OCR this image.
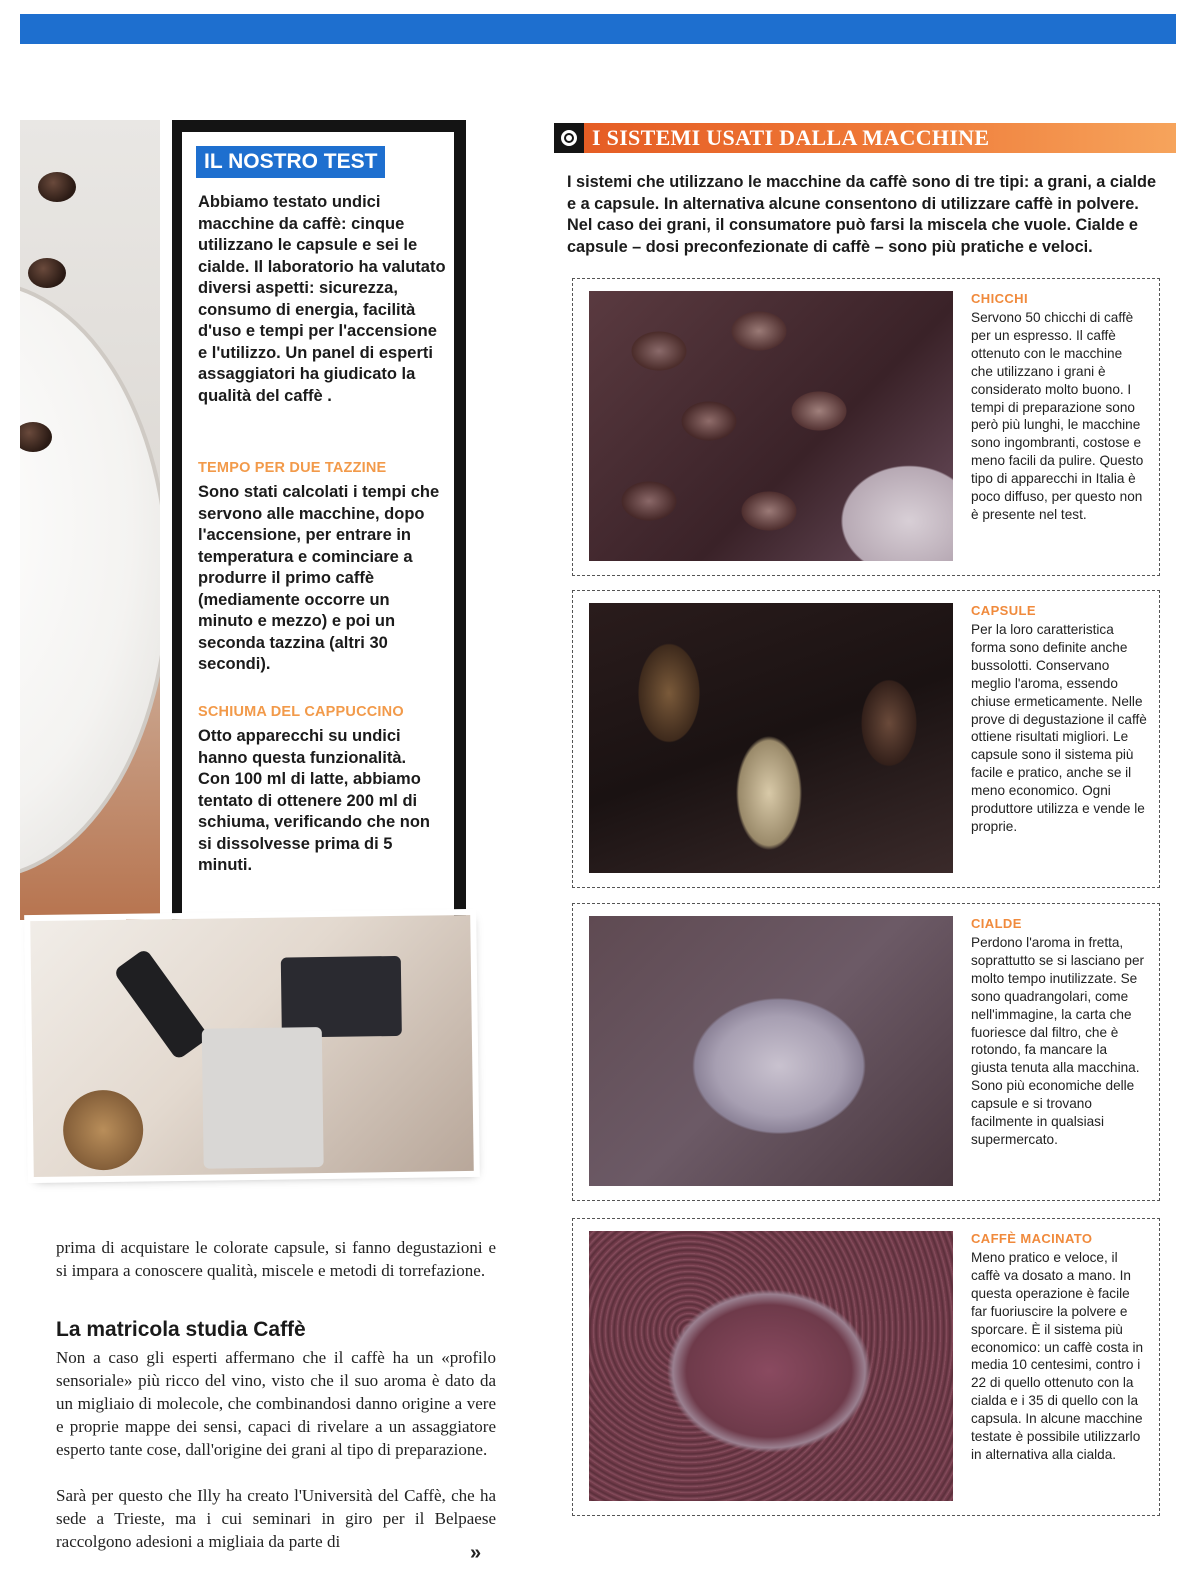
IL NOSTRO TEST
Abbiamo testato undici macchine da caffè: cinque utilizzano le capsule e sei le cialde. Il laboratorio ha valutato diversi aspetti: sicurezza, consumo di energia, facilità d'uso e tempi per l'accensione e l'utilizzo. Un panel di esperti assaggiatori ha giudicato la qualità del caffè .
TEMPO PER DUE TAZZINE
Sono stati calcolati i tempi che servono alle macchine, dopo l'accensione, per entrare in temperatura e cominciare a produrre il primo caffè (mediamente occorre un minuto e mezzo) e poi un seconda tazzina (altri 30 secondi).
SCHIUMA DEL CAPPUCCINO
Otto apparecchi su undici hanno questa funzionalità. Con 100 ml di latte, abbiamo tentato di ottenere 200 ml di schiuma, verificando che non si dissolvesse prima di 5 minuti.
prima di acquistare le colorate capsule, si fanno degustazioni e si impara a conoscere qualità, miscele e metodi di torrefazione.
La matricola studia Caffè
Non a caso gli esperti affermano che il caffè ha un «profilo sensoriale» più ricco del vino, visto che il suo aroma è dato da un migliaio di molecole, che combinandosi danno origine a vere e proprie mappe dei sensi, capaci di rivelare a un assaggiatore esperto tante cose, dall'origine dei grani al tipo di preparazione.
Sarà per questo che Illy ha creato l'Università del Caffè, che ha sede a Trieste, ma i cui seminari in giro per il Belpaese raccolgono adesioni a migliaia da parte di
»
I SISTEMI USATI DALLA MACCHINE
I sistemi che utilizzano le macchine da caffè sono di tre tipi: a grani, a cialde e a capsule. In alternativa alcune consentono di utilizzare caffè in polvere. Nel caso dei grani, il consumatore può farsi la miscela che vuole. Cialde e capsule – dosi preconfezionate di caffè – sono più pratiche e veloci.
CHICCHI
Servono 50 chicchi di caffè per un espresso. Il caffè ottenuto con le macchine che utilizzano i grani è considerato molto buono. I tempi di preparazione sono però più lunghi, le macchine sono ingombranti, costose e meno facili da pulire. Questo tipo di apparecchi in Italia è poco diffuso, per questo non è presente nel test.
CAPSULE
Per la loro caratteristica forma sono definite anche bussolotti. Conservano meglio l'aroma, essendo chiuse ermeticamente. Nelle prove di degustazione il caffè ottiene risultati migliori. Le capsule sono il sistema più facile e pratico, anche se il meno economico. Ogni produttore utilizza e vende le proprie.
CIALDE
Perdono l'aroma in fretta, soprattutto se si lasciano per molto tempo inutilizzate. Se sono quadrangolari, come nell'immagine, la carta che fuoriesce dal filtro, che è rotondo, fa mancare la giusta tenuta alla macchina. Sono più economiche delle capsule e si trovano facilmente in qualsiasi supermercato.
CAFFÈ MACINATO
Meno pratico e veloce, il caffè va dosato a mano. In questa operazione è facile far fuoriuscire la polvere e sporcare. È il sistema più economico: un caffè costa in media 10 centesimi, contro i 22 di quello ottenuto con la cialda e i 35 di quello con la capsula. In alcune macchine testate è possibile utilizzarlo in alternativa alla cialda.
